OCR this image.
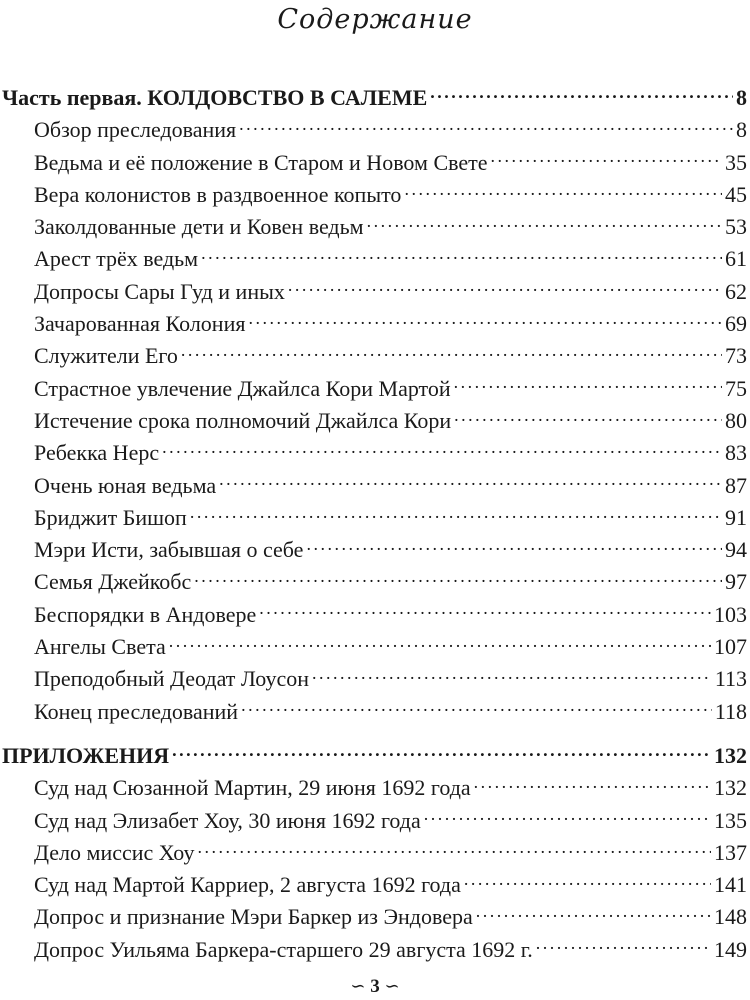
Содержание
Часть первая. КОЛДОВСТВО В САЛЕМЕ . . .	8
Обзор преследования . . .	8
Ведьма и её положение в Старом и Новом Свете . . .	35
Вера колонистов в раздвоенное копыто . . .	45
Заколдованные дети и Ковен ведьм . . .	53
Арест трёх ведьм . . .	61
Допросы Сары Гуд и иных . . .	62
Зачарованная Колония . . .	69
Служители Его . . .	73
Страстное увлечение Джайлса Кори Мартой . . .	75
Истечение срока полномочий Джайлса Кори . . .	80
Ребекка Нерс . . .	83
Очень юная ведьма . . .	87
Бриджит Бишоп . . .	91
Мэри Исти, забывшая о себе . . .	94
Семья Джейкобс . . .	97
Беспорядки в Андовере . . .	103
Ангелы Света . . .	107
Преподобный Деодат Лоусон . . .	113
Конец преследований . . .	118
ПРИЛОЖЕНИЯ . . .	132
Суд над Сюзанной Мартин, 29 июня 1692 года . . .	132
Суд над Элизабет Хоу, 30 июня 1692 года . . .	135
Дело миссис Хоу . . .	137
Суд над Мартой Карриер, 2 августа 1692 года . . .	141
Допрос и признание Мэри Баркер из Эндовера . . .	148
Допрос Уильяма Баркера-старшего 29 августа 1692 г. . . .	149
∽ 3 ∽
